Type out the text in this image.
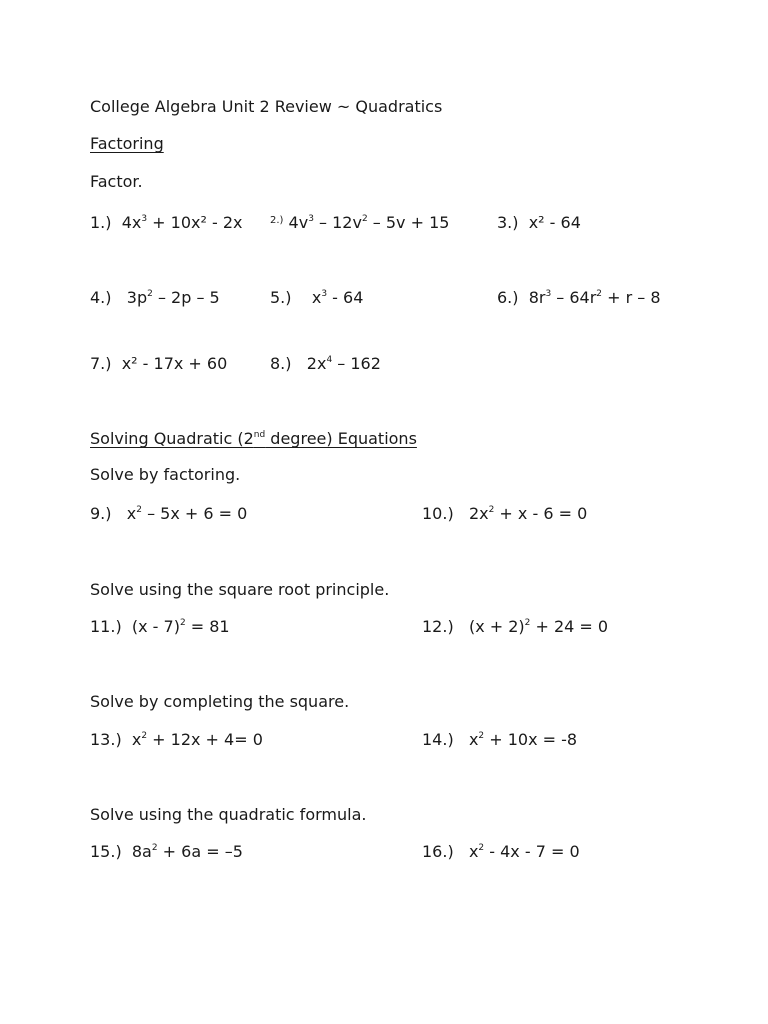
College Algebra Unit 2 Review ~ Quadratics
Factoring
Factor.
1.) $4x^3 + 10x^2 - 2x$	$^{2.)}$ $4v^3 - 12v^2 - 5v + 15$	3.) x² - 64
4.) $3p^2 - 2p - 5$	5.) $x^3 - 64$	6.) $8r^3 - 64r^2 + r - 8$
7.) x² - 17x + 60	8.) $2x^4 - 162$
Solving Quadratic (2nd degree) Equations
Solve by factoring.
9.) $x^2 - 5x + 6 = 0$	10.) $2x^2 + x - 6 = 0$
Solve using the square root principle.
11.) (x - 7)$^2$ = 81	12.) $(x + 2)^2 + 24 = 0$
Solve by completing the square.
13.) $x^2 + 12x + 4= 0$	14.) $x^2 + 10x = -8$
Solve using the quadratic formula.
15.) $8a^2 + 6a = -5$	16.) $x^2 - 4x - 7 = 0$
